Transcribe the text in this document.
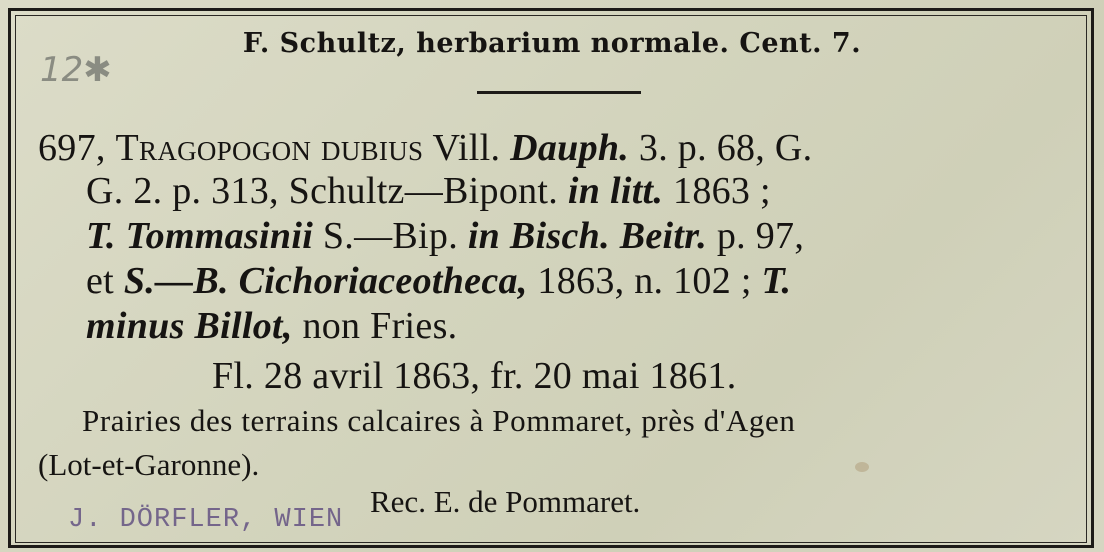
12✱
F. Schultz, herbarium normale. Cent. 7.
697, Tragopogon dubius Vill. Dauph. 3. p. 68, G.
G. 2. p. 313, Schultz—Bipont. in litt. 1863 ;
T. Tommasinii S.—Bip. in Bisch. Beitr. p. 97,
et S.—B. Cichoriaceotheca, 1863, n. 102 ; T.
minus Billot, non Fries.
Fl. 28 avril 1863, fr. 20 mai 1861.
Prairies des terrains calcaires à Pommaret, près d'Agen
(Lot-et-Garonne).
Rec. E. de Pommaret.
J. DÖRFLER, WIEN
